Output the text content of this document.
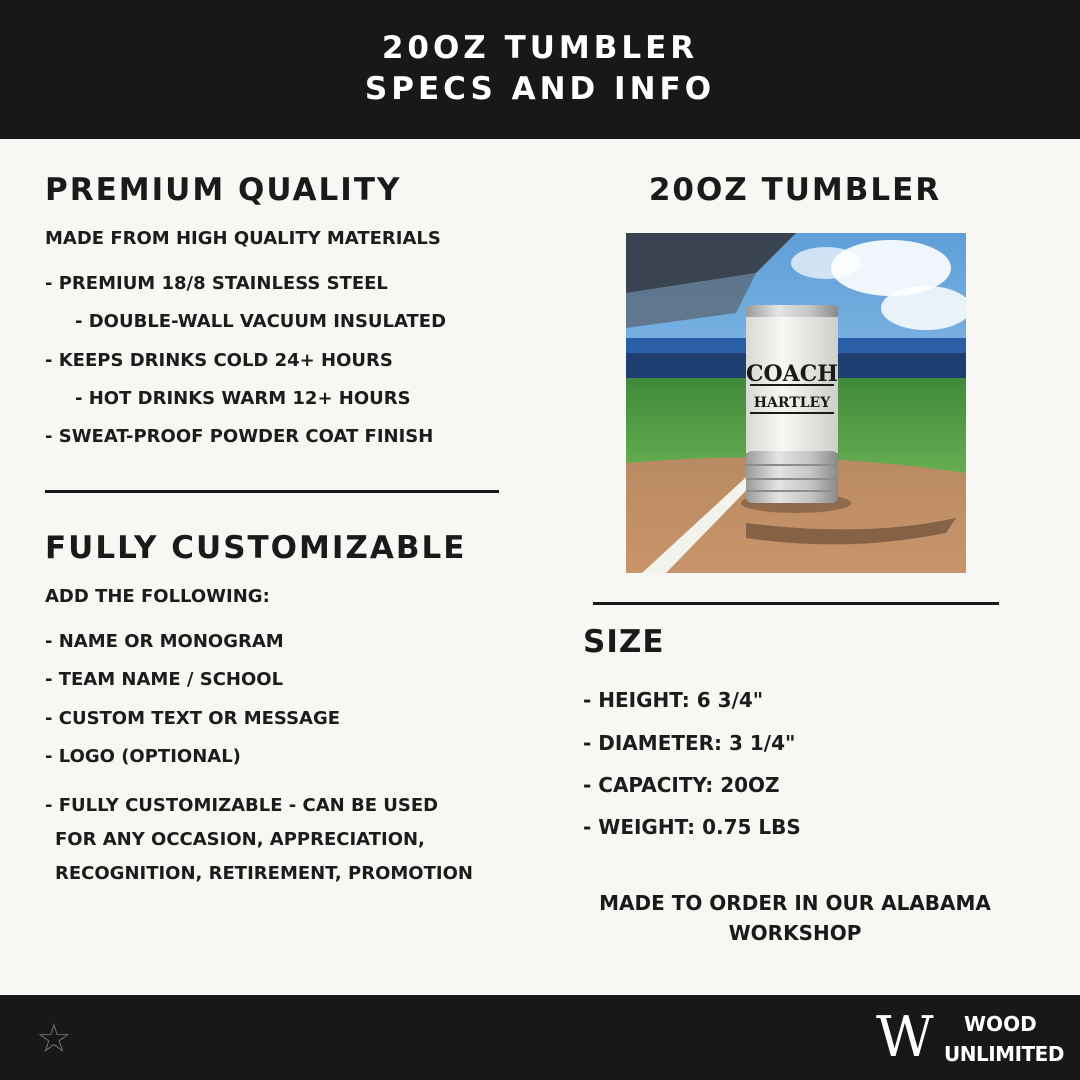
20OZ TUMBLER
SPECS AND INFO
PREMIUM QUALITY
MADE FROM HIGH QUALITY MATERIALS
- PREMIUM 18/8 STAINLESS STEEL
- DOUBLE-WALL VACUUM INSULATED
- KEEPS DRINKS COLD 24+ HOURS
- HOT DRINKS WARM 12+ HOURS
- SWEAT-PROOF POWDER COAT FINISH
FULLY CUSTOMIZABLE
ADD THE FOLLOWING:
- NAME OR MONOGRAM
- TEAM NAME / SCHOOL
- CUSTOM TEXT OR MESSAGE
- LOGO (OPTIONAL)
- FULLY CUSTOMIZABLE - CAN BE USED
FOR ANY OCCASION, APPRECIATION,
RECOGNITION, RETIREMENT, PROMOTION
20OZ TUMBLER
COACH
HARTLEY
SIZE
- HEIGHT: 6 3/4"
- DIAMETER: 3 1/4"
- CAPACITY: 20OZ
- WEIGHT: 0.75 LBS
MADE TO ORDER IN OUR ALABAMA
WORKSHOP
☆	W WOOD
UNLIMITED
